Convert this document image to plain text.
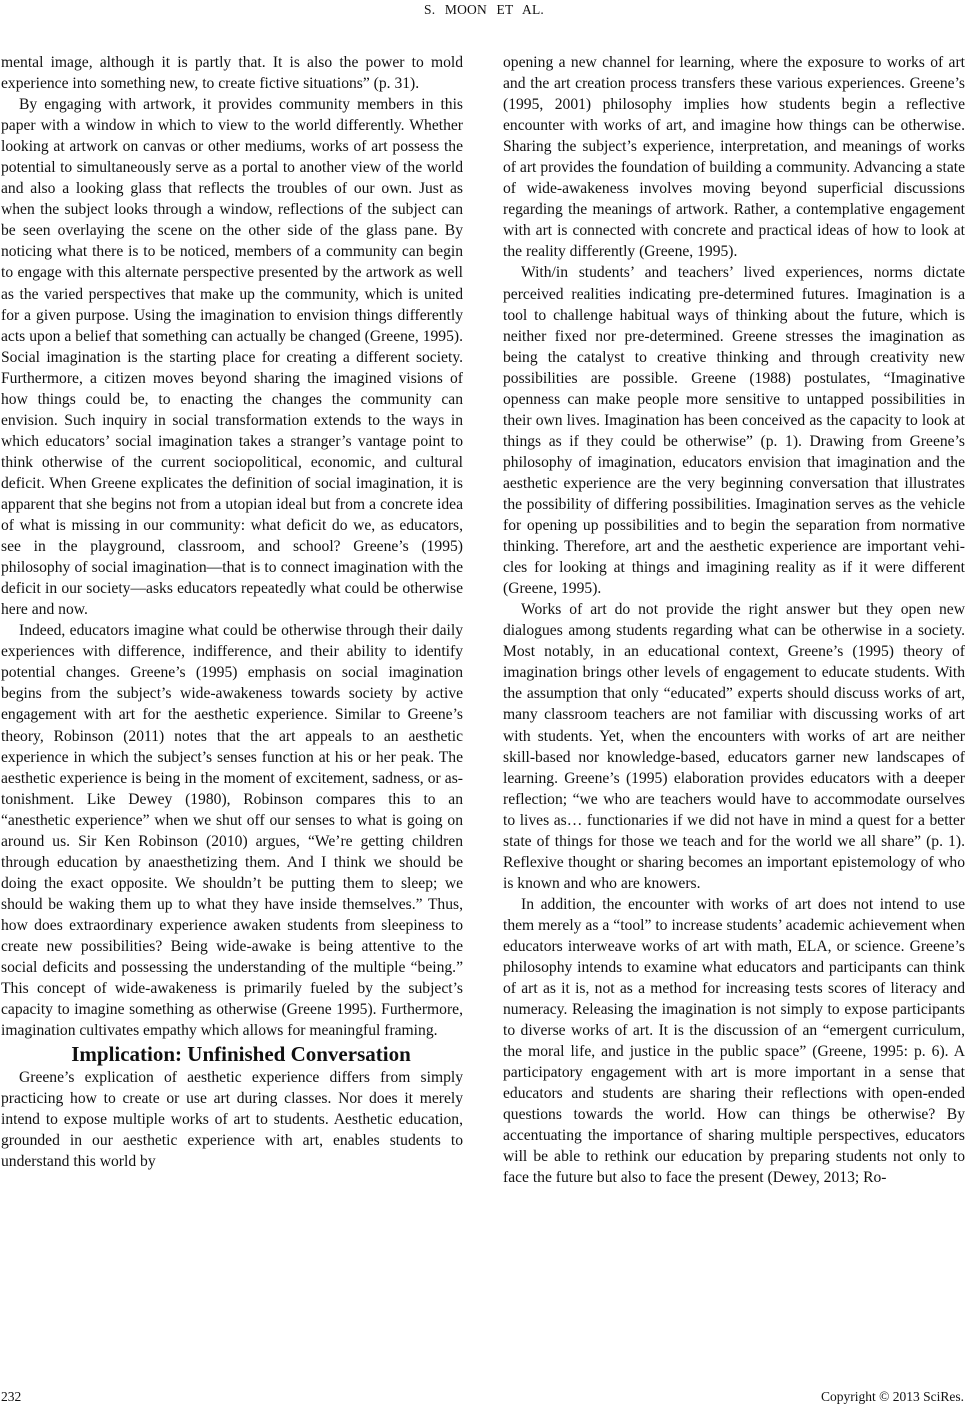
S. MOON ET AL.

mental image, although it is partly that. It is also the power to mold experience into something new, to create fictive situations” (p. 31).

By engaging with artwork, it provides community members in this paper with a window in which to view to the world differently. Whether looking at artwork on canvas or other mediums, works of art possess the potential to simultaneously serve as a portal to another view of the world and also a looking glass that reflects the troubles of our own. Just as when the subject looks through a window, reflections of the subject can be seen overlaying the scene on the other side of the glass pane. By noticing what there is to be noticed, members of a community can begin to engage with this alternate perspective presented by the artwork as well as the varied perspectives that make up the community, which is united for a given purpose. Using the imagination to envision things differently acts upon a belief that something can actually be changed (Greene, 1995). Social imagination is the starting place for creating a different society. Furthermore, a citizen moves beyond sharing the imagined visions of how things could be, to enacting the changes the community can envision. Such inquiry in social transformation extends to the ways in which educators’ social imagination takes a stranger’s vantage point to think otherwise of the current sociopolitical, economic, and cultural deficit. When Greene explicates the definition of social imagination, it is apparent that she begins not from a utopian ideal but from a concrete idea of what is missing in our community: what deficit do we, as educators, see in the playground, classroom, and school? Greene’s (1995) philosophy of social imagination—that is to connect imagination with the deficit in our society—asks educators repeatedly what could be otherwise here and now.

Indeed, educators imagine what could be otherwise through their daily experiences with difference, indifference, and their ability to identify potential changes. Greene’s (1995) emphasis on social imagination begins from the subject’s wide-awakeness towards society by active engagement with art for the aesthetic experience. Similar to Greene’s theory, Robinson (2011) notes that the art appeals to an aesthetic experience in which the subject’s senses function at his or her peak. The aesthetic experience is being in the moment of excitement, sadness, or astonishment. Like Dewey (1980), Robinson compares this to an “anesthetic experience” when we shut off our senses to what is going on around us. Sir Ken Robinson (2010) argues, “We’re getting children through education by anaesthetizing them. And I think we should be doing the exact opposite. We shouldn’t be putting them to sleep; we should be waking them up to what they have inside themselves.” Thus, how does extraordinary experience awaken students from sleepiness to create new possibilities? Being wide-awake is being attentive to the social deficits and possessing the understanding of the multiple “being.” This concept of wide-awakeness is primarily fueled by the subject’s capacity to imagine something as otherwise (Greene 1995). Furthermore, imagination cultivates empathy which allows for meaningful framing.

Implication: Unfinished Conversation

Greene’s explication of aesthetic experience differs from simply practicing how to create or use art during classes. Nor does it merely intend to expose multiple works of art to students. Aesthetic education, grounded in our aesthetic experience with art, enables students to understand this world by

opening a new channel for learning, where the exposure to works of art and the art creation process transfers these various experiences. Greene’s (1995, 2001) philosophy implies how students begin a reflective encounter with works of art, and imagine how things can be otherwise. Sharing the subject’s experience, interpretation, and meanings of works of art provides the foundation of building a community. Advancing a state of wide-awakeness involves moving beyond superficial discussions regarding the meanings of artwork. Rather, a contemplative engagement with art is connected with concrete and practical ideas of how to look at the reality differently (Greene, 1995).

With/in students’ and teachers’ lived experiences, norms dictate perceived realities indicating pre-determined futures. Imagination is a tool to challenge habitual ways of thinking about the future, which is neither fixed nor pre-determined. Greene stresses the imagination as being the catalyst to creative thinking and through creativity new possibilities are possible. Greene (1988) postulates, “Imaginative openness can make people more sensitive to untapped possibilities in their own lives. Imagination has been conceived as the capacity to look at things as if they could be otherwise” (p. 1). Drawing from Greene’s philosophy of imagination, educators envision that imagination and the aesthetic experience are the very beginning conversation that illustrates the possibility of differing possibilities. Imagination serves as the vehicle for opening up possibilities and to begin the separation from normative thinking. Therefore, art and the aesthetic experience are important vehicles for looking at things and imagining reality as if it were different (Greene, 1995).

Works of art do not provide the right answer but they open new dialogues among students regarding what can be otherwise in a society. Most notably, in an educational context, Greene’s (1995) theory of imagination brings other levels of engagement to educate students. With the assumption that only “educated” experts should discuss works of art, many classroom teachers are not familiar with discussing works of art with students. Yet, when the encounters with works of art are neither skill-based nor knowledge-based, educators garner new landscapes of learning. Greene’s (1995) elaboration provides educators with a deeper reflection; “we who are teachers would have to accommodate ourselves to lives as… functionaries if we did not have in mind a quest for a better state of things for those we teach and for the world we all share” (p. 1). Reflexive thought or sharing becomes an important epistemology of who is known and who are knowers.

In addition, the encounter with works of art does not intend to use them merely as a “tool” to increase students’ academic achievement when educators interweave works of art with math, ELA, or science. Greene’s philosophy intends to examine what educators and participants can think of art as it is, not as a method for increasing tests scores of literacy and numeracy. Releasing the imagination is not simply to expose participants to diverse works of art. It is the discussion of an “emergent curriculum, the moral life, and justice in the public space” (Greene, 1995: p. 6). A participatory engagement with art is more important in a sense that educators and students are sharing their reflections with open-ended questions towards the world. How can things be otherwise? By accentuating the importance of sharing multiple perspectives, educators will be able to rethink our education by preparing students not only to face the future but also to face the present (Dewey, 2013; Ro-

232	Copyright © 2013 SciRes.
